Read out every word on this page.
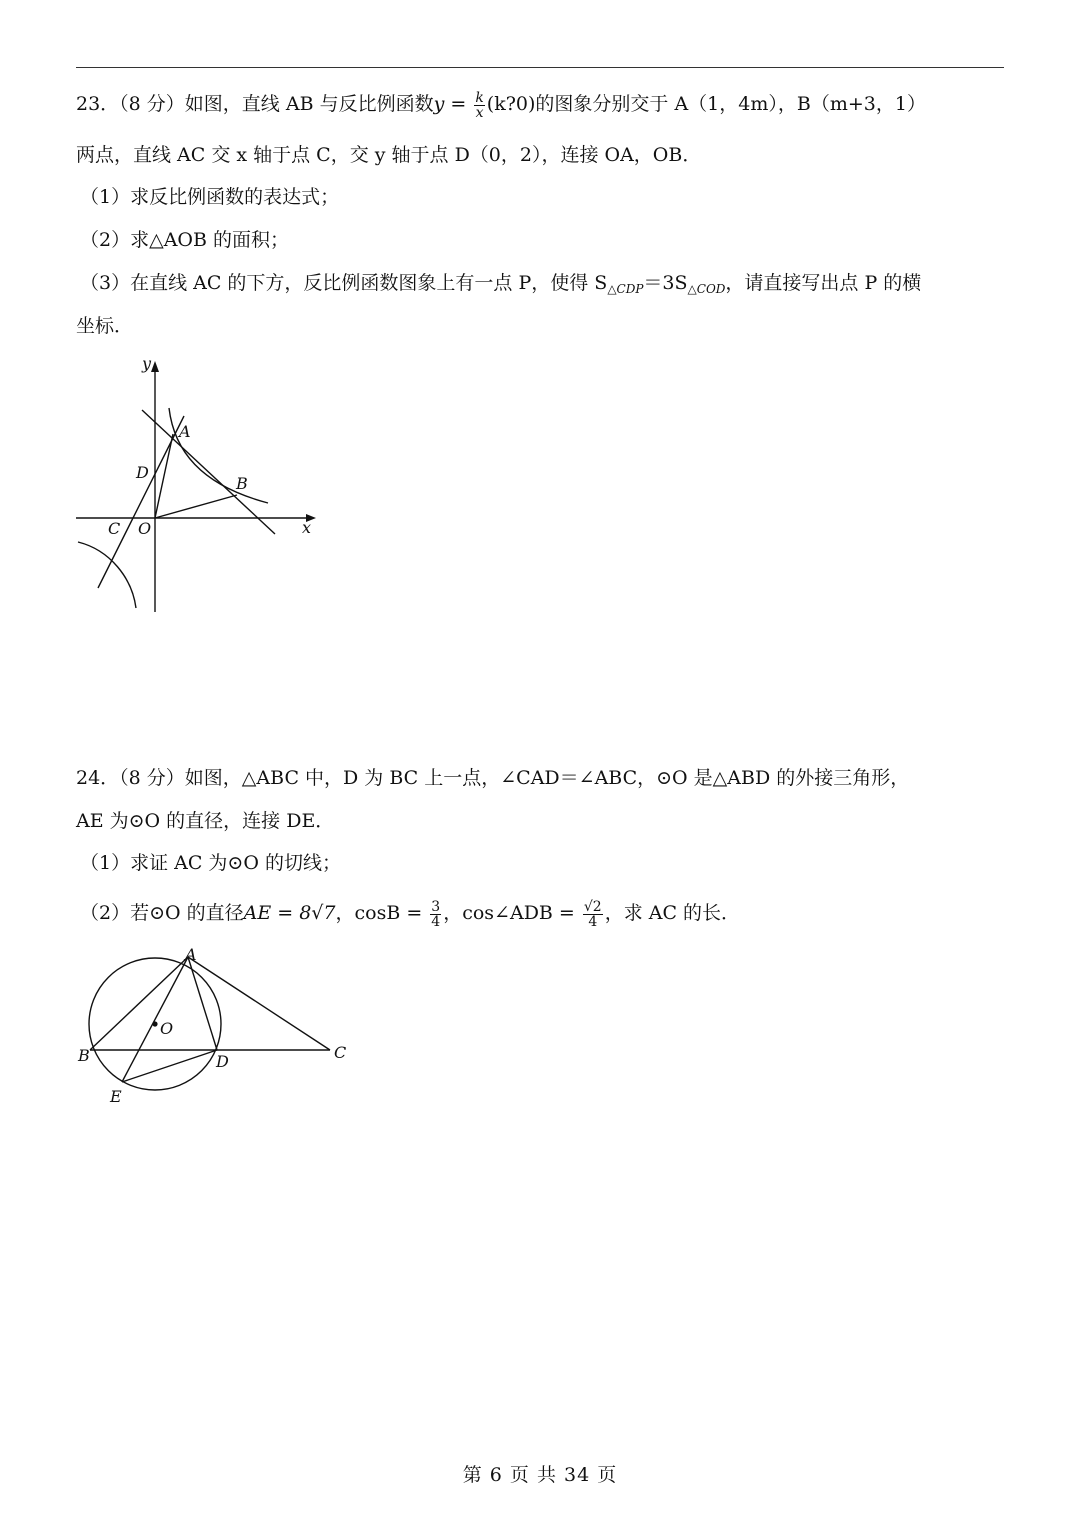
23．（8 分）如图，直线 AB 与反比例函数$y = \frac{k}{x}$ (k?0)的图象分别交于 A（1，4m），B（m+3，1）
两点，直线 AC 交 x 轴于点 C，交 y 轴于点 D（0，2），连接 OA，OB．
（1）求反比例函数的表达式；
（2）求△AOB 的面积；
（3）在直线 AC 的下方，反比例函数图象上有一点 P，使得 $S_{\triangle CDP}=3S_{\triangle COD}$，请直接写出点 P 的横
坐标．
y
x
A
B
D
C O
24．（8 分）如图，△ABC 中，D 为 BC 上一点，∠CAD＝∠ABC，⊙O 是△ABD 的外接三角形，
AE 为⊙O 的直径，连接 DE．
（1）求证 AC 为⊙O 的切线；
（2）若⊙O 的直径AE = 8√7，$\cos B = \frac{3}{4}$ ，cos∠ADB = $\frac{√2}{4}$ ，求 AC 的长．
A
B	C
D
E
O
第 6 页 共 34 页
